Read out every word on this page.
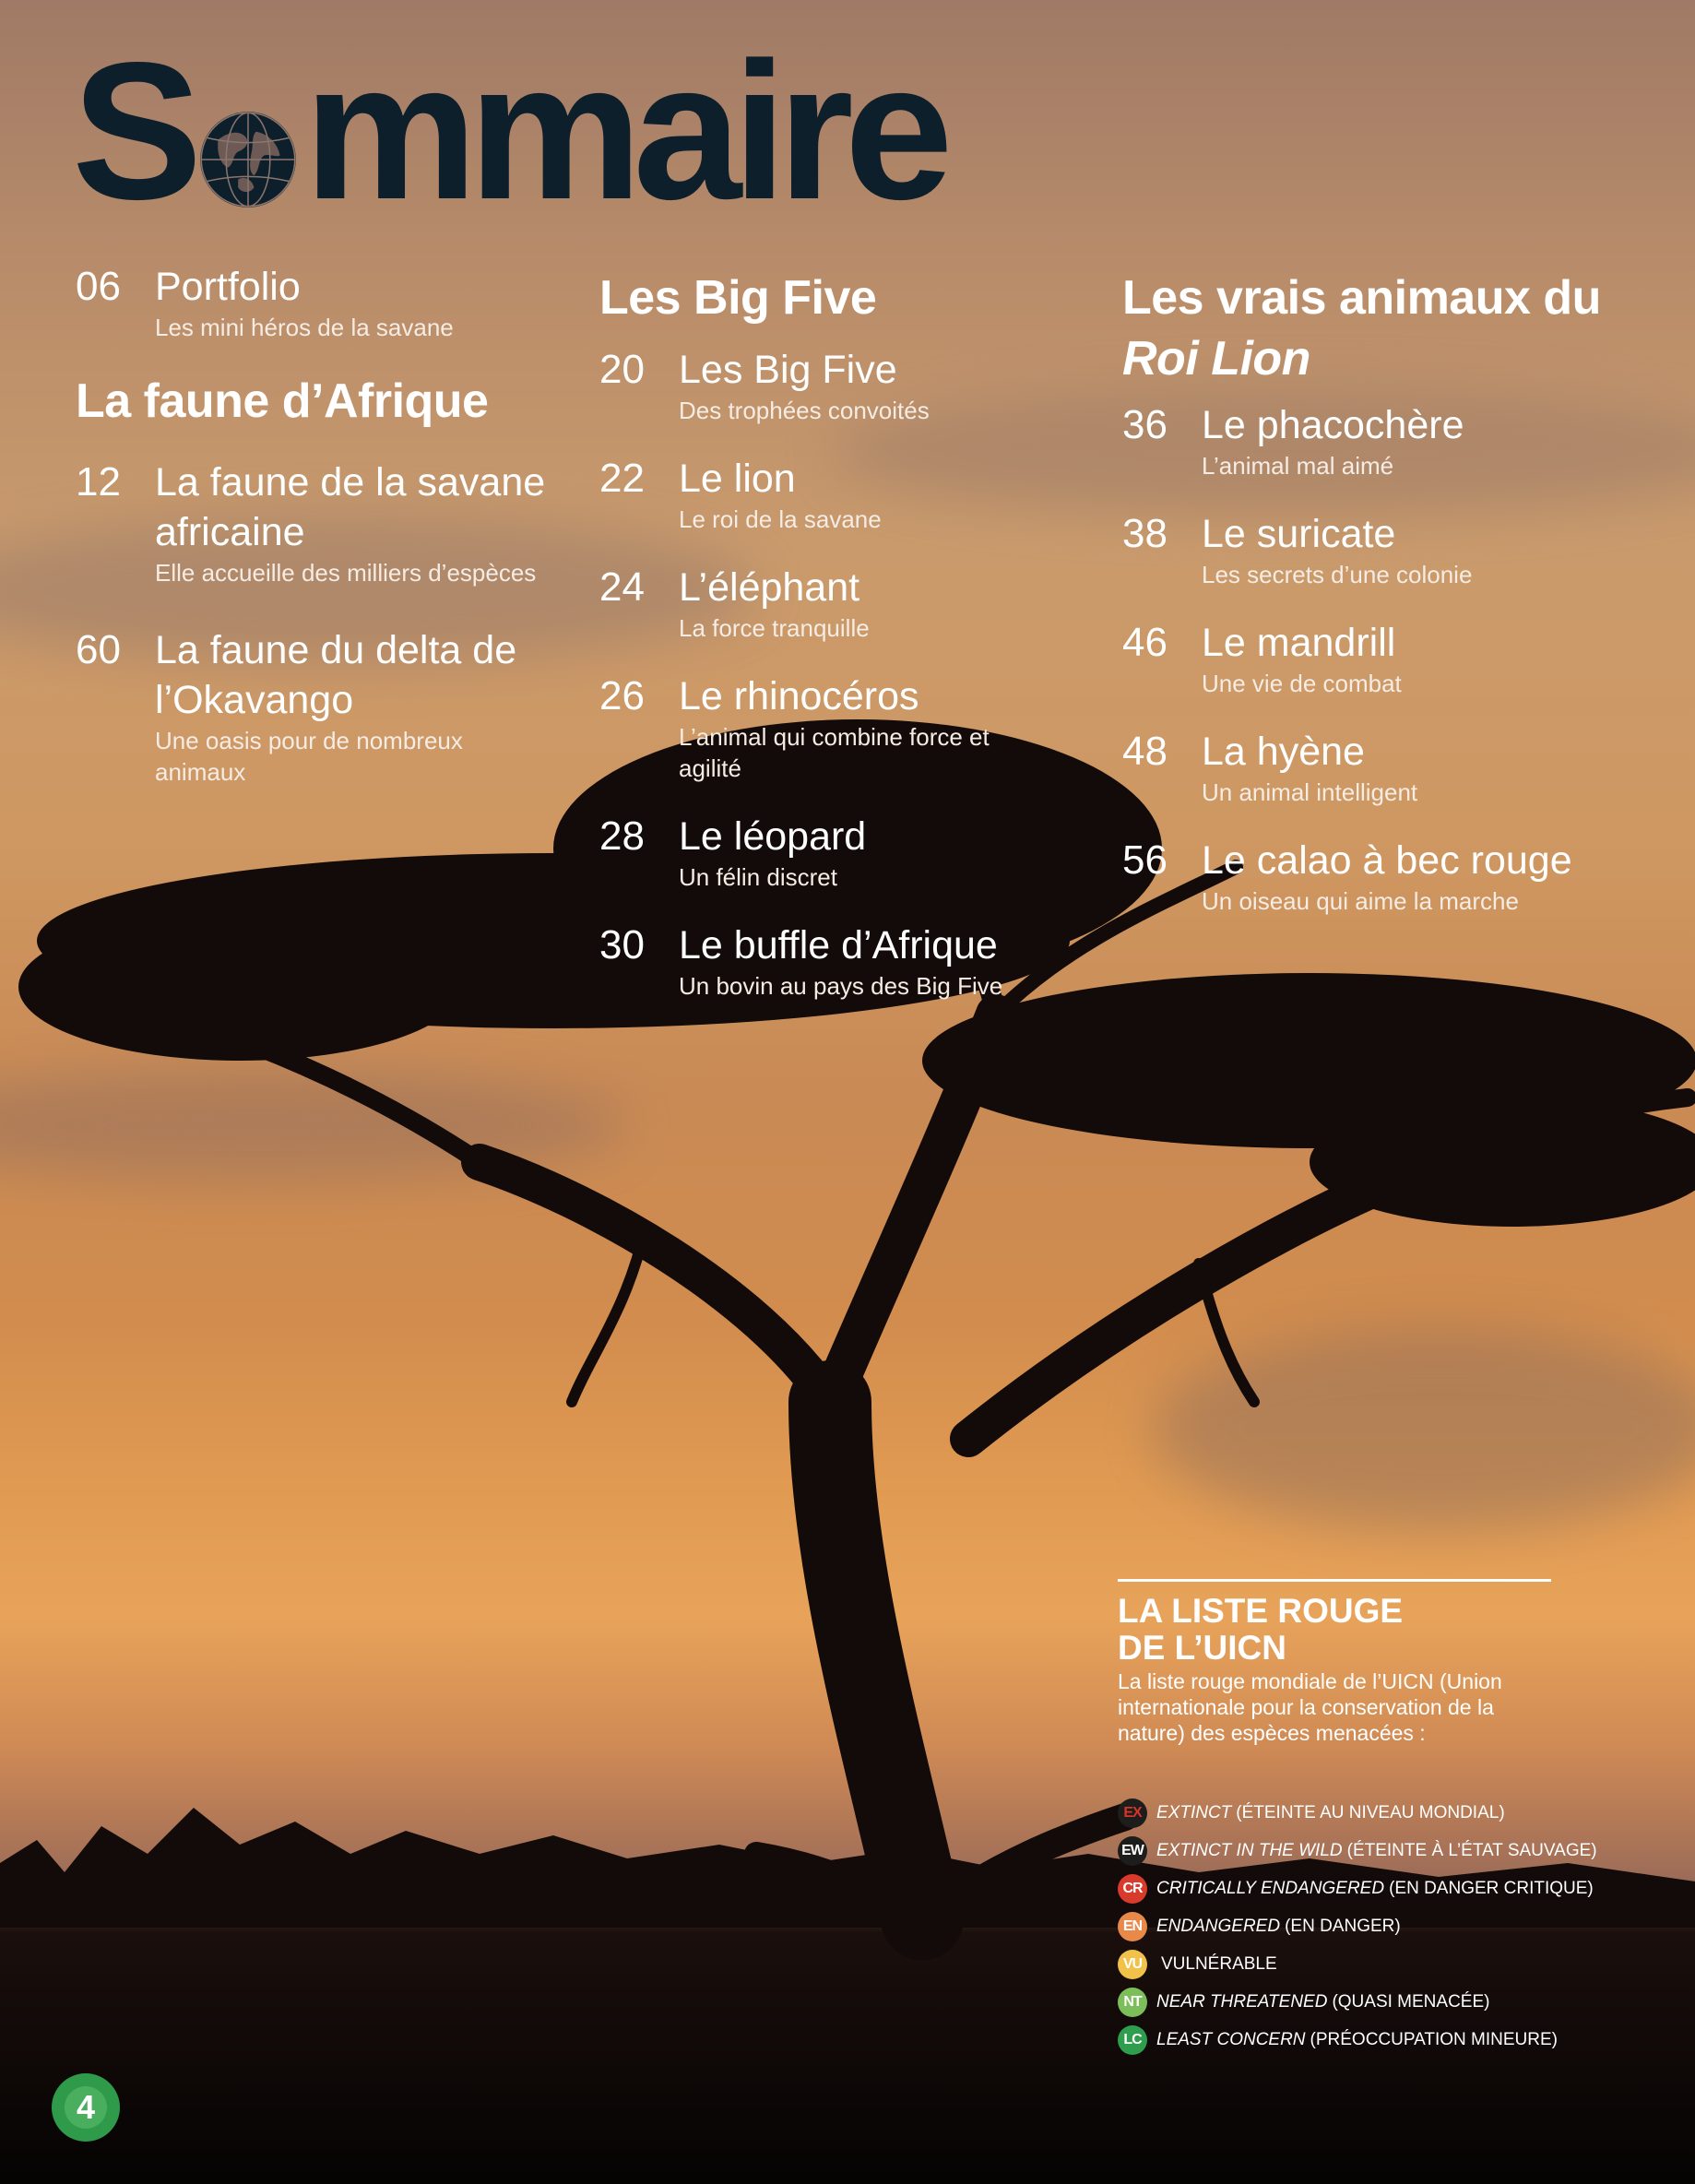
S mmaire
06 Portfolio
Les mini héros de la savane
La faune d’Afrique
12 La faune de la savane africaine
Elle accueille des milliers d’espèces
60 La faune du delta de l’Okavango
Une oasis pour de nombreux animaux
Les Big Five
20 Les Big Five
Des trophées convoités
22 Le lion
Le roi de la savane
24 L’éléphant
La force tranquille
26 Le rhinocéros
L’animal qui combine force et agilité
28 Le léopard
Un félin discret
30 Le buffle d’Afrique
Un bovin au pays des Big Five
Les vrais animaux du Roi Lion
36 Le phacochère
L’animal mal aimé
38 Le suricate
Les secrets d’une colonie
46 Le mandrill
Une vie de combat
48 La hyène
Un animal intelligent
56 Le calao à bec rouge
Un oiseau qui aime la marche
LA LISTE ROUGE
DE L’UICN
La liste rouge mondiale de l’UICN (Union internationale pour la conservation de la nature) des espèces menacées :
EX EXTINCT (ÉTEINTE AU NIVEAU MONDIAL)
EW EXTINCT IN THE WILD (ÉTEINTE À L’ÉTAT SAUVAGE)
CR CRITICALLY ENDANGERED (EN DANGER CRITIQUE)
EN ENDANGERED (EN DANGER)
VU	VULNÉRABLE
NT NEAR THREATENED (QUASI MENACÉE)
LC LEAST CONCERN (PRÉOCCUPATION MINEURE)
4
